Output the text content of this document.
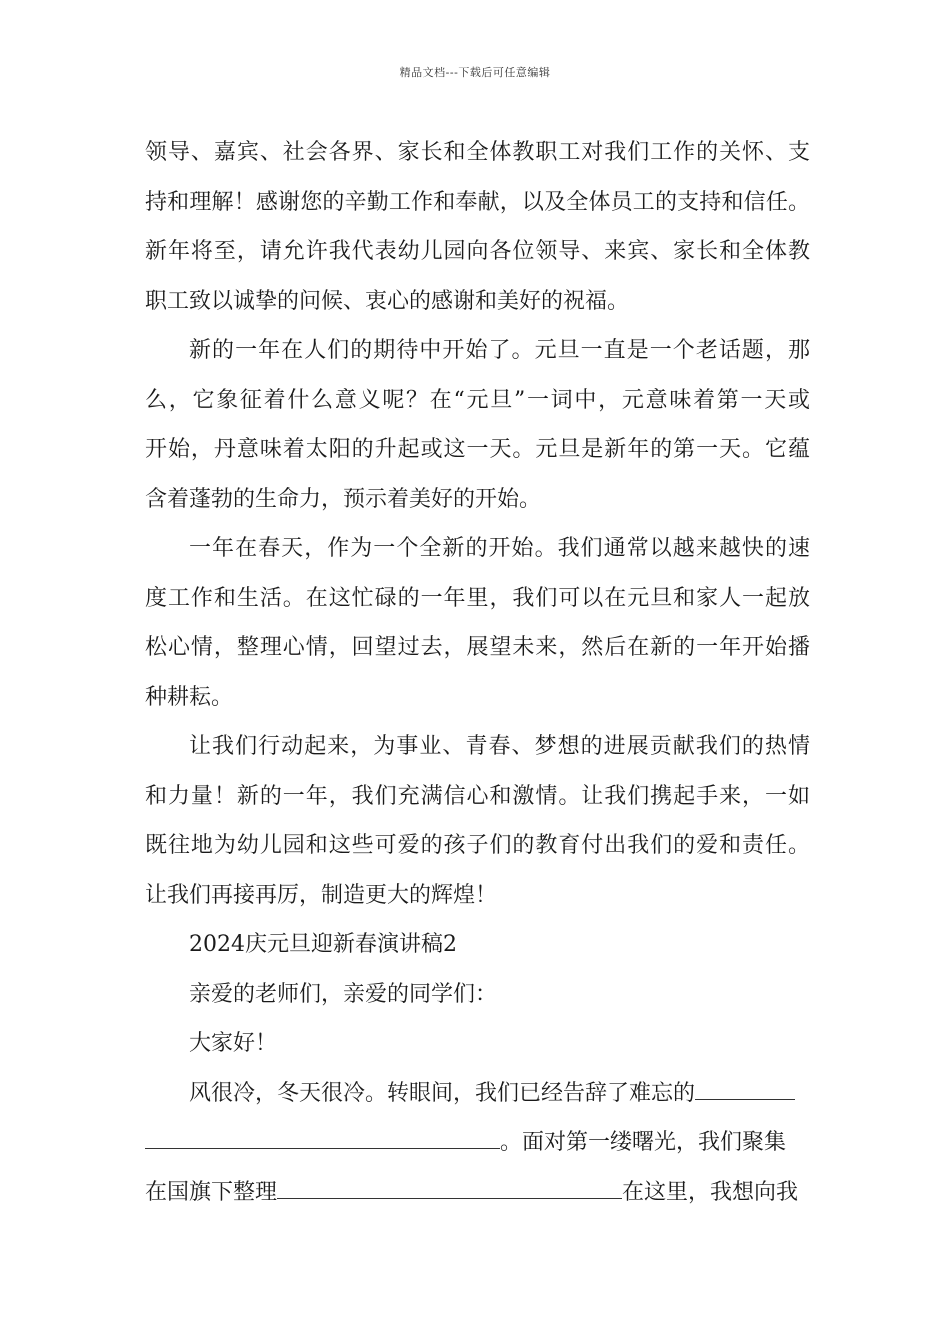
精品文档---下载后可任意编辑
领导、嘉宾、社会各界、家长和全体教职工对我们工作的关怀、支
持和理解！感谢您的辛勤工作和奉献，以及全体员工的支持和信任。
新年将至，请允许我代表幼儿园向各位领导、来宾、家长和全体教
职工致以诚挚的问候、衷心的感谢和美好的祝福。
新的一年在人们的期待中开始了。元旦一直是一个老话题，那
么，它象征着什么意义呢？在“元旦”一词中，元意味着第一天或
开始，丹意味着太阳的升起或这一天。元旦是新年的第一天。它蕴
含着蓬勃的生命力，预示着美好的开始。
一年在春天，作为一个全新的开始。我们通常以越来越快的速
度工作和生活。在这忙碌的一年里，我们可以在元旦和家人一起放
松心情，整理心情，回望过去，展望未来，然后在新的一年开始播
种耕耘。
让我们行动起来，为事业、青春、梦想的进展贡献我们的热情
和力量！新的一年，我们充满信心和激情。让我们携起手来，一如
既往地为幼儿园和这些可爱的孩子们的教育付出我们的爱和责任。
让我们再接再厉，制造更大的辉煌！
2024庆元旦迎新春演讲稿2
亲爱的老师们，亲爱的同学们：
大家好！
风很冷，冬天很冷。转眼间，我们已经告辞了难忘的
。面对第一缕曙光，我们聚集
在国旗下整理	在这里，我想向我
